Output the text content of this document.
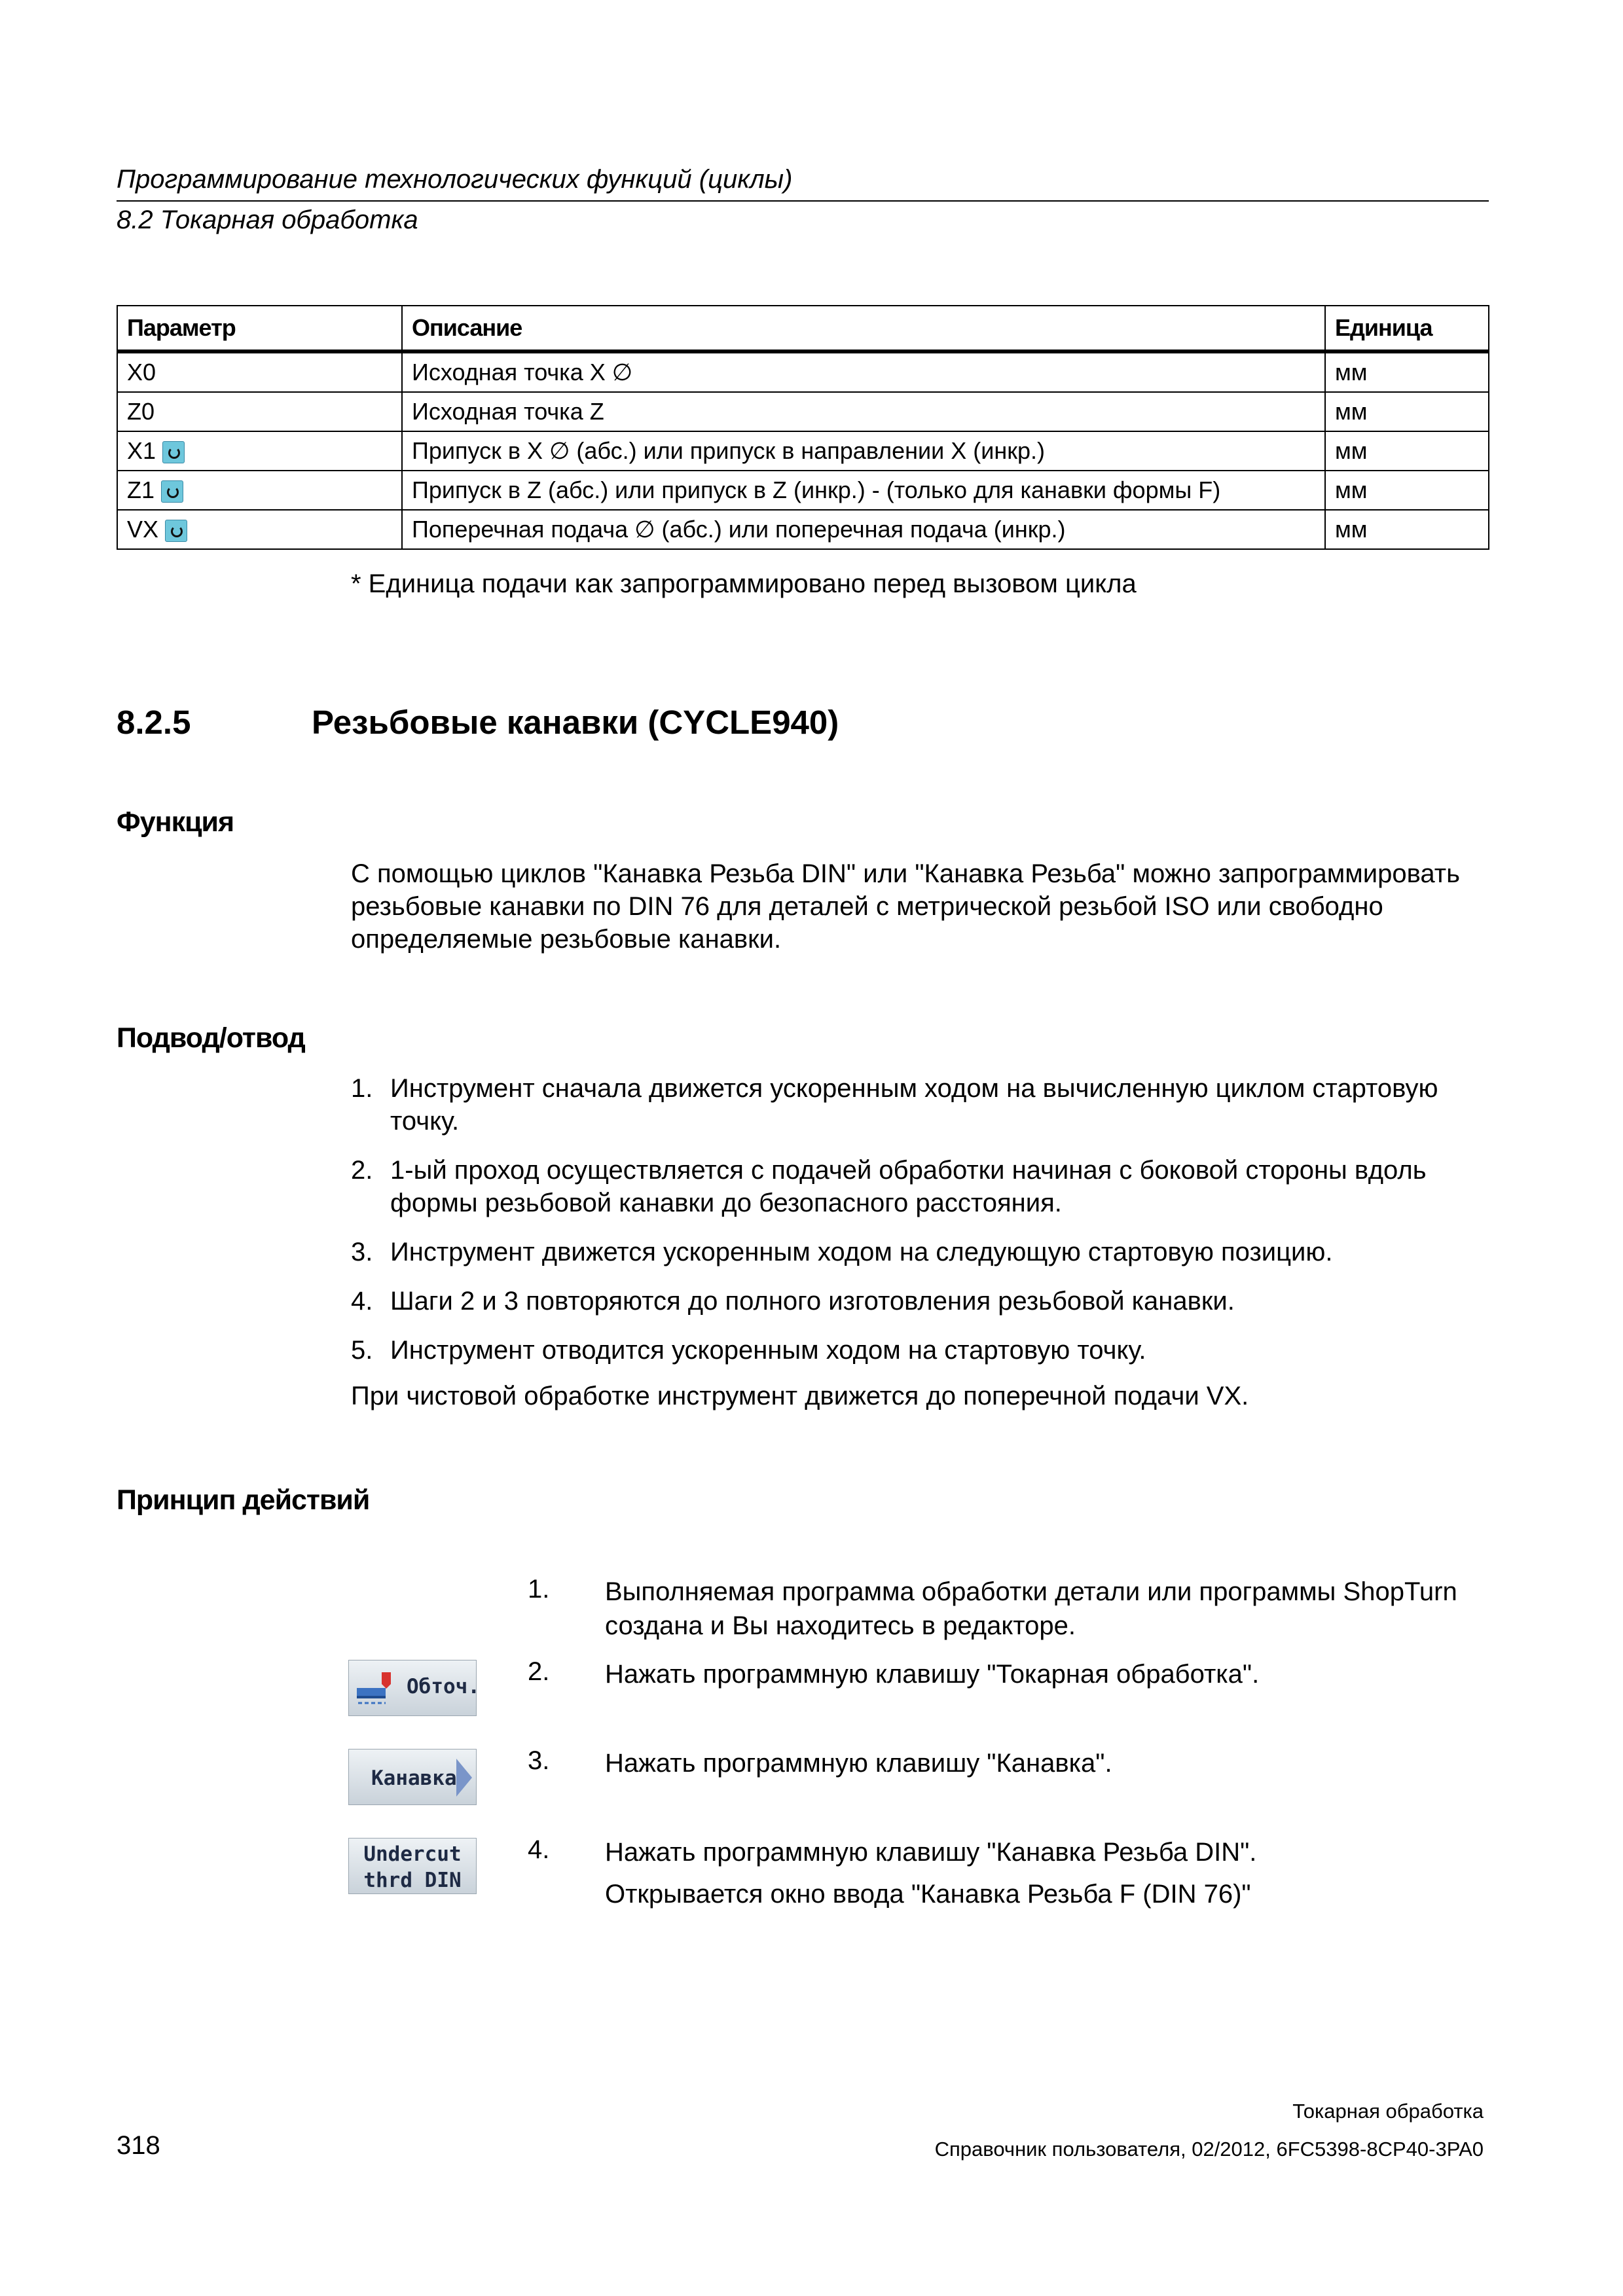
Программирование технологических функций (циклы)
8.2 Токарная обработка
Параметр	Описание	Единица
X0	Исходная точка X ∅	мм
Z0	Исходная точка Z	мм
X1	Припуск в X ∅ (абс.) или припуск в направлении X (инкр.)	мм
Z1	Припуск в Z (абс.) или припуск в Z (инкр.) - (только для канавки формы F)	мм
VX	Поперечная подача ∅ (абс.) или поперечная подача (инкр.)	мм
* Единица подачи как запрограммировано перед вызовом цикла
8.2.5	Резьбовые канавки (CYCLE940)
Функция
С помощью циклов "Канавка Резьба DIN" или "Канавка Резьба" можно запрограммировать резьбовые канавки по DIN 76 для деталей с метрической резьбой ISO или свободно определяемые резьбовые канавки.
Подвод/отвод
1. Инструмент сначала движется ускоренным ходом на вычисленную циклом стартовую точку.
2. 1-ый проход осуществляется с подачей обработки начиная с боковой стороны вдоль формы резьбовой канавки до безопасного расстояния.
3. Инструмент движется ускоренным ходом на следующую стартовую позицию.
4. Шаги 2 и 3 повторяются до полного изготовления резьбовой канавки.
5. Инструмент отводится ускоренным ходом на стартовую точку.
При чистовой обработке инструмент движется до поперечной подачи VX.
Принцип действий
1. Выполняемая программа обработки детали или программы ShopTurn создана и Вы находитесь в редакторе.
Обточ.
2. Нажать программную клавишу "Токарная обработка".
Канавка
3. Нажать программную клавишу "Канавка".
Undercut
thrd DIN
4. Нажать программную клавишу "Канавка Резьба DIN".
Открывается окно ввода "Канавка Резьба F (DIN 76)"
Токарная обработка
318	Справочник пользователя, 02/2012, 6FC5398-8CP40-3PA0
